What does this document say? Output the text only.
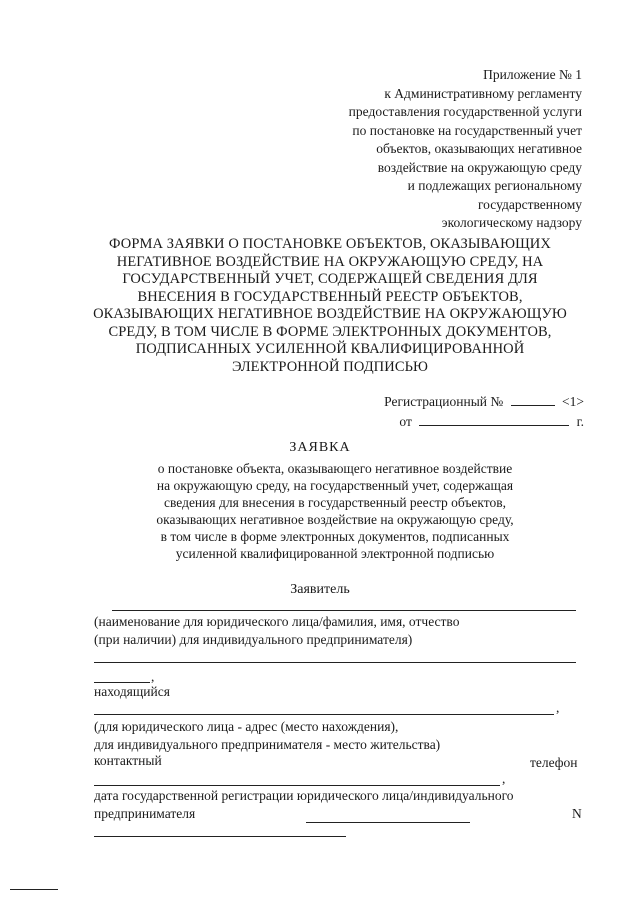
Приложение № 1
к Административному регламенту
предоставления государственной услуги
по постановке на государственный учет
объектов, оказывающих негативное
воздействие на окружающую среду
и подлежащих региональному
государственному
экологическому надзору
ФОРМА ЗАЯВКИ О ПОСТАНОВКЕ ОБЪЕКТОВ, ОКАЗЫВАЮЩИХ
НЕГАТИВНОЕ ВОЗДЕЙСТВИЕ НА ОКРУЖАЮЩУЮ СРЕДУ, НА
ГОСУДАРСТВЕННЫЙ УЧЕТ, СОДЕРЖАЩЕЙ СВЕДЕНИЯ ДЛЯ
ВНЕСЕНИЯ В ГОСУДАРСТВЕННЫЙ РЕЕСТР ОБЪЕКТОВ,
ОКАЗЫВАЮЩИХ НЕГАТИВНОЕ ВОЗДЕЙСТВИЕ НА ОКРУЖАЮЩУЮ
СРЕДУ, В ТОМ ЧИСЛЕ В ФОРМЕ ЭЛЕКТРОННЫХ ДОКУМЕНТОВ,
ПОДПИСАННЫХ УСИЛЕННОЙ КВАЛИФИЦИРОВАННОЙ
ЭЛЕКТРОННОЙ ПОДПИСЬЮ
Регистрационный №	<1>
от	г.
ЗАЯВКА
о постановке объекта, оказывающего негативное воздействие
на окружающую среду, на государственный учет, содержащая
сведения для внесения в государственный реестр объектов,
оказывающих негативное воздействие на окружающую среду,
в том числе в форме электронных документов, подписанных
усиленной квалифицированной электронной подписью
Заявитель
(наименование для юридического лица/фамилия, имя, отчество
(при наличии) для индивидуального предпринимателя)
,
находящийся
,
(для юридического лица - адрес (место нахождения),
для индивидуального предпринимателя - место жительства)
контактный	телефон
,
дата государственной регистрации юридического лица/индивидуального
предпринимателя	N
